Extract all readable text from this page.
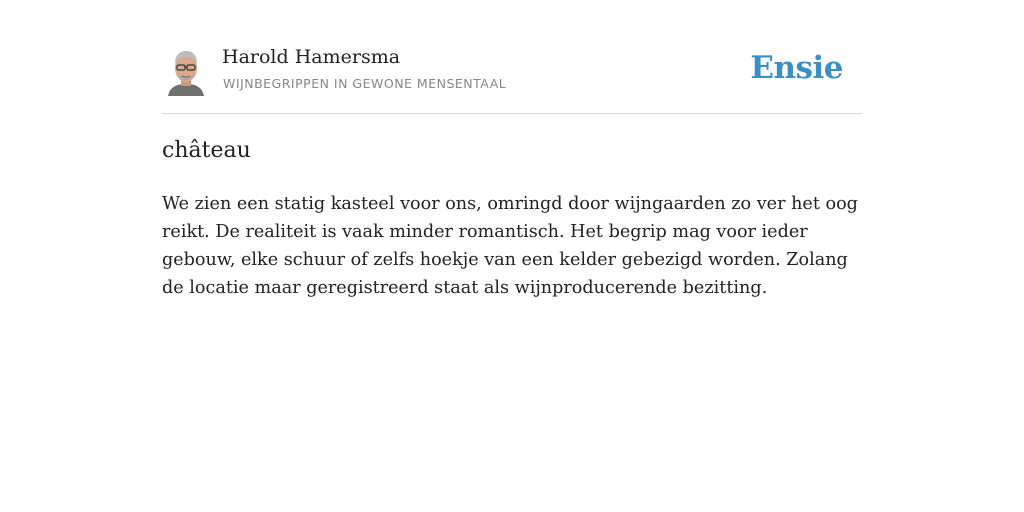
Harold Hamersma
WIJNBEGRIPPEN IN GEWONE MENSENTAAL	Ensie
château

We zien een statig kasteel voor ons, omringd door wijngaarden zo ver het oog reikt. De realiteit is vaak minder romantisch. Het begrip mag voor ieder gebouw, elke schuur of zelfs hoekje van een kelder gebezigd worden. Zolang de locatie maar geregistreerd staat als wijnproducerende bezitting.
